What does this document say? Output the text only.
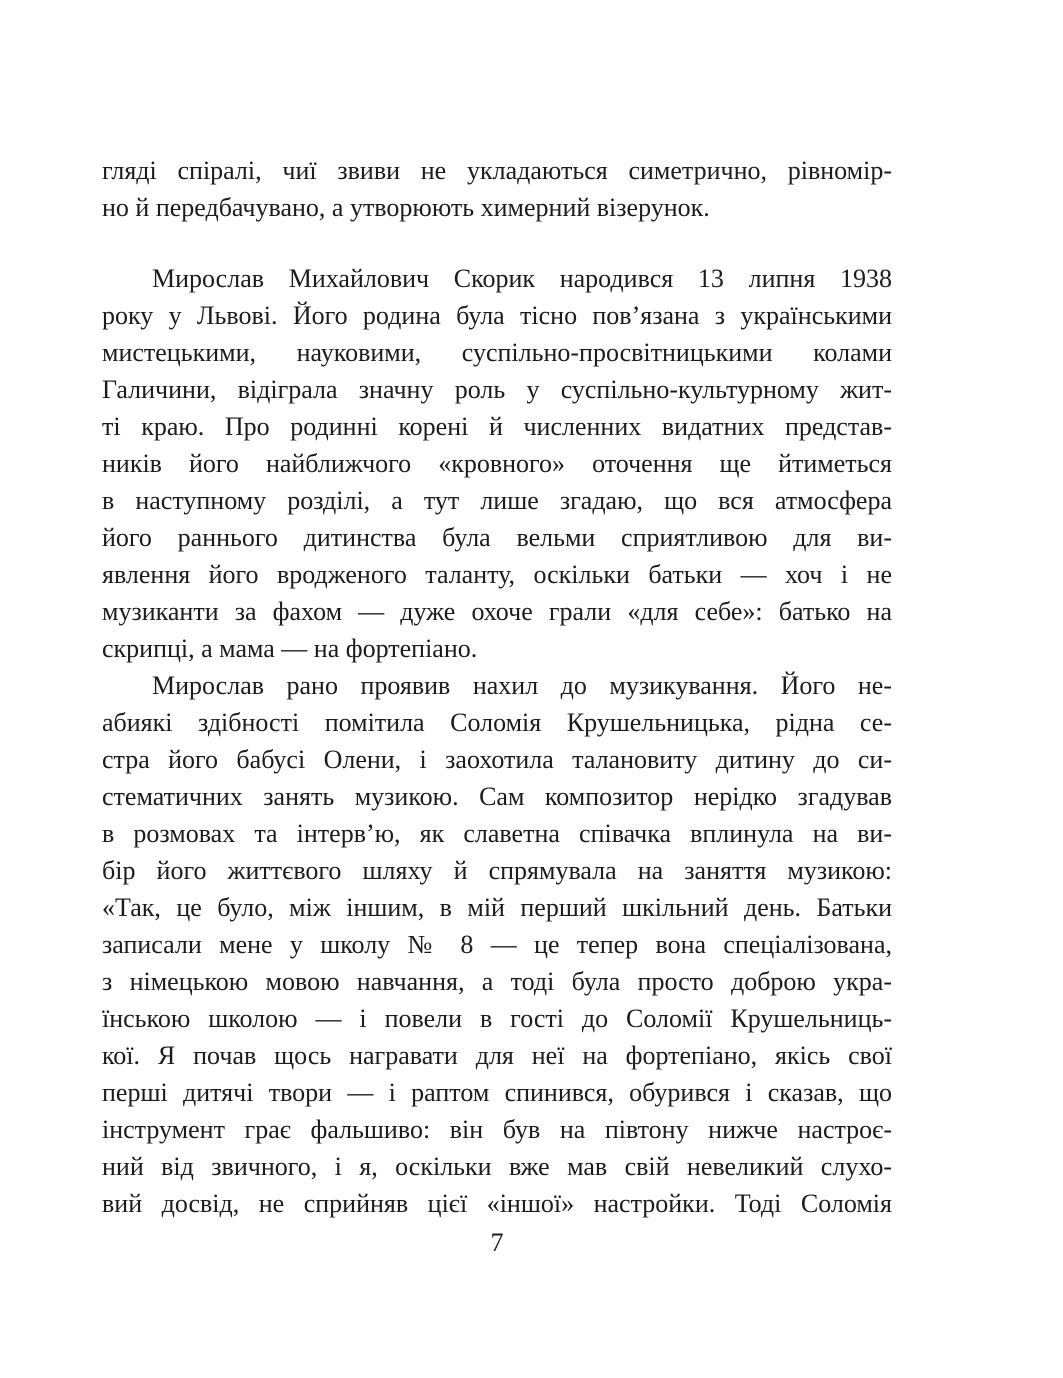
гляді спіралі, чиї звиви не укладаються симетрично, рівномір-
но й передбачувано, а утворюють химерний візерунок.
Мирослав Михайлович Скорик народився 13 липня 1938
року у Львові. Його родина була тісно пов’язана з українськими
мистецькими, науковими, суспільно-просвітницькими колами
Галичини, відіграла значну роль у суспільно-культурному жит-
ті краю. Про родинні корені й численних видатних представ-
ників його найближчого «кровного» оточення ще йтиметься
в наступному розділі, а тут лише згадаю, що вся атмосфера
його раннього дитинства була вельми сприятливою для ви-
явлення його вродженого таланту, оскільки батьки — хоч і не
музиканти за фахом — дуже охоче грали «для себе»: батько на
скрипці, а мама — на фортепіано.
Мирослав рано проявив нахил до музикування. Його не-
абиякі здібності помітила Соломія Крушельницька, рідна се-
стра його бабусі Олени, і заохотила талановиту дитину до си-
стематичних занять музикою. Сам композитор нерідко згадував
в розмовах та інтерв’ю, як славетна співачка вплинула на ви-
бір його життєвого шляху й спрямувала на заняття музикою:
«Так, це було, між іншим, в мій перший шкільний день. Батьки
записали мене у школу № 8 — це тепер вона спеціалізована,
з німецькою мовою навчання, а тоді була просто доброю укра-
їнською школою — і повели в гості до Соломії Крушельниць-
кої. Я почав щось награвати для неї на фортепіано, якісь свої
перші дитячі твори — і раптом спинився, обурився і сказав, що
інструмент грає фальшиво: він був на півтону нижче настроє-
ний від звичного, і я, оскільки вже мав свій невеликий слухо-
вий досвід, не сприйняв цієї «іншої» настройки. Тоді Соломія
7
